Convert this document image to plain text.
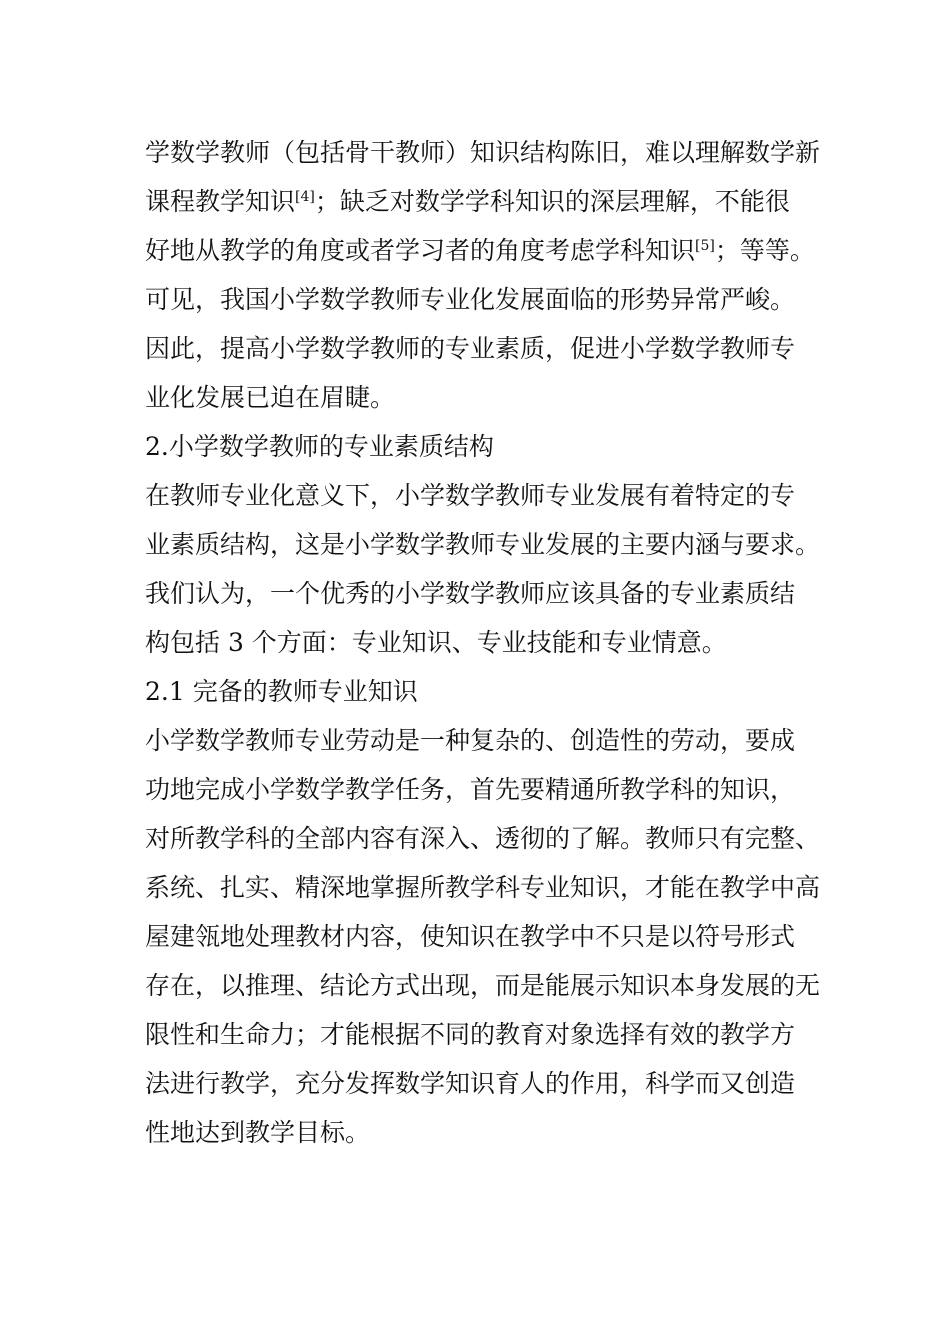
学数学教师（包括骨干教师）知识结构陈旧，难以理解数学新
课程教学知识[4]；缺乏对数学学科知识的深层理解，不能很
好地从教学的角度或者学习者的角度考虑学科知识[5]；等等。
可见，我国小学数学教师专业化发展面临的形势异常严峻。
因此，提高小学数学教师的专业素质，促进小学数学教师专
业化发展已迫在眉睫。
2.小学数学教师的专业素质结构
在教师专业化意义下，小学数学教师专业发展有着特定的专
业素质结构，这是小学数学教师专业发展的主要内涵与要求。
我们认为，一个优秀的小学数学教师应该具备的专业素质结
构包括 3 个方面：专业知识、专业技能和专业情意。
2.1 完备的教师专业知识
小学数学教师专业劳动是一种复杂的、创造性的劳动，要成
功地完成小学数学教学任务，首先要精通所教学科的知识，
对所教学科的全部内容有深入、透彻的了解。教师只有完整、
系统、扎实、精深地掌握所教学科专业知识，才能在教学中高
屋建瓴地处理教材内容，使知识在教学中不只是以符号形式
存在，以推理、结论方式出现，而是能展示知识本身发展的无
限性和生命力；才能根据不同的教育对象选择有效的教学方
法进行教学，充分发挥数学知识育人的作用，科学而又创造
性地达到教学目标。
